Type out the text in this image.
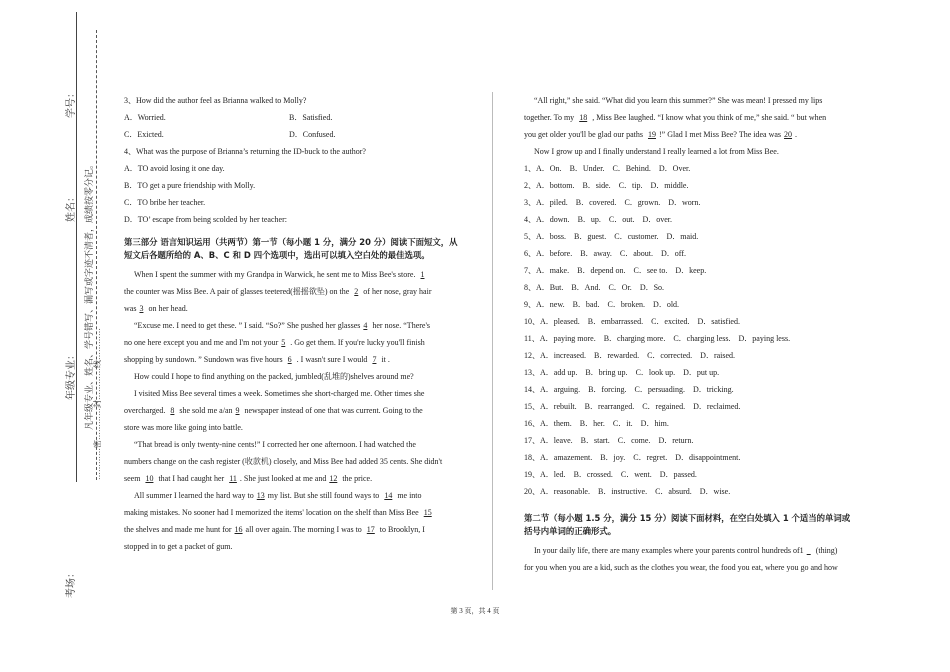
学号：
姓名：
年级专业：
考场：
凡年级专业、姓名、学号错写、漏写或字迹不清者，成绩按零分记。 …………密…………封…………线…………
3、How did the author feel as Brianna walked to Molly?
A．Worried.	B．Satisfied.
C．Exicted.	D．Confused.
4、What was the purpose of Brianna’s returning the ID-buck to the author?
A．TO avoid losing it one day.
B．TO get a pure friendship with Molly.
C．TO bribe her teacher.
D．TO’ escape from being scolded by her teacher:
第三部分 语言知识运用（共两节）第一节（每小题 1 分，满分 20 分）阅读下面短文，从短文后各题所给的 A、B、C 和 D 四个选项中，选出可以填入空白处的最佳选项。
When I spent the summer with my Grandpa in Warwick, he sent me to Miss Bee's store. 1
the counter was Miss Bee. A pair of glasses teetered(摇摇欲坠) on the 2 of her nose, gray hair
was 3 on her head.
“Excuse me. I need to get these. ” I said. “So?” She pushed her glasses 4 her nose. “There's
no one here except you and me and I'm not your 5 . Go get them. If you're lucky you'll finish
shopping by sundown. ” Sundown was five hours 6 . I wasn't sure I would 7 it .
How could I hope to find anything on the packed, jumbled(乱堆的)shelves around me?
I visited Miss Bee several times a week. Sometimes she short-charged me. Other times she
overcharged. 8 she sold me a/an 9 newspaper instead of one that was current. Going to the
store was more like going into battle.
“That bread is only twenty-nine cents!” I corrected her one afternoon. I had watched the
numbers change on the cash register (收款机) closely, and Miss Bee had added 35 cents. She didn't
seem 10 that I had caught her 11 . She just looked at me and 12 the price.
All summer I learned the hard way to 13 my list. But she still found ways to 14 me into
making mistakes. No sooner had I memorized the items' location on the shelf than Miss Bee 15
the shelves and made me hunt for 16 all over again. The morning I was to 17 to Brooklyn, I
stopped in to get a packet of gum.
“All right,” she said. “What did you learn this summer?” She was mean! I pressed my lips
together. To my 18 , Miss Bee laughed. “I know what you think of me,” she said. “ but when
you get older you'll be glad our paths 19 !” Glad I met Miss Bee? The idea was 20 .
Now I grow up and I finally understand I really learned a lot from Miss Bee.
1、A．On. B．Under. C．Behind. D．Over.
2、A．bottom. B．side. C．tip. D．middle.
3、A．piled. B．covered. C．grown. D．worn.
4、A．down. B．up. C．out. D．over.
5、A．boss. B．guest. C．customer. D．maid.
6、A．before. B．away. C．about. D．off.
7、A．make. B．depend on. C．see to. D．keep.
8、A．But. B．And. C．Or. D．So.
9、A．new. B．bad. C．broken. D．old.
10、A．pleased. B．embarrassed. C．excited. D．satisfied.
11、A．paying more. B．charging more. C．charging less. D．paying less.
12、A．increased. B．rewarded. C．corrected. D．raised.
13、A．add up. B．bring up. C．look up. D．put up.
14、A．arguing. B．forcing. C．persuading. D．tricking.
15、A．rebuilt. B．rearranged. C．regained. D．reclaimed.
16、A．them. B．her. C．it. D．him.
17、A．leave. B．start. C．come. D．return.
18、A．amazement. B．joy. C．regret. D．disappointment.
19、A．led. B．crossed. C．went. D．passed.
20、A．reasonable. B．instructive. C．absurd. D．wise.
第二节（每小题 1.5 分，满分 15 分）阅读下面材料，在空白处填入 1 个适当的单词或括号内单词的正确形式。
In your daily life, there are many examples where your parents control hundreds of1 (thing)
for you when you are a kid, such as the clothes you wear, the food you eat, where you go and how
第 3 页，共 4 页
